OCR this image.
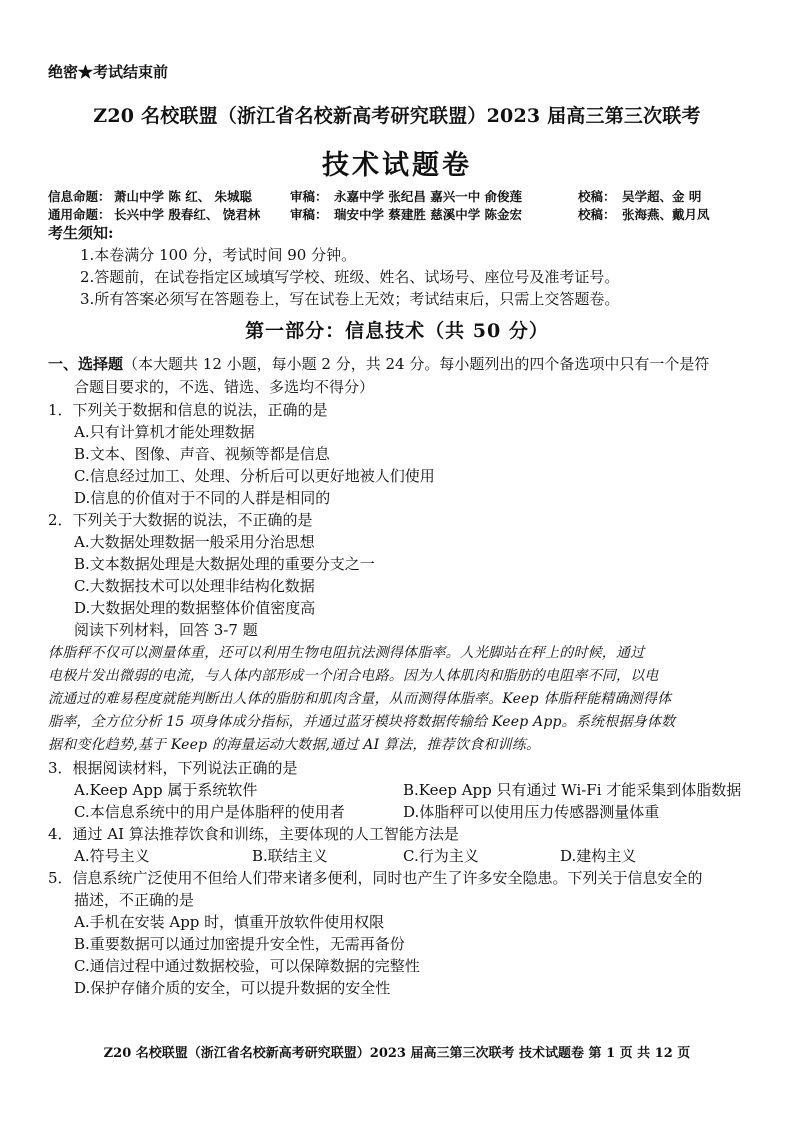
绝密★考试结束前
Z20 名校联盟（浙江省名校新高考研究联盟）2023 届高三第三次联考
技术试题卷
信息命题： 萧山中学 陈 红、 朱城聪	审稿： 永嘉中学 张纪昌 嘉兴一中 俞俊莲	校稿： 吴学超、金 明
通用命题： 长兴中学 殷春红、 饶君林 审稿： 瑞安中学 蔡建胜 慈溪中学 陈金宏	校稿： 张海燕、戴月凤
考生须知:
1.本卷满分 100 分，考试时间 90 分钟。
2.答题前，在试卷指定区域填写学校、班级、姓名、试场号、座位号及准考证号。
3.所有答案必须写在答题卷上，写在试卷上无效；考试结束后，只需上交答题卷。
第一部分：信息技术（共 50 分）
一、选择题（本大题共 12 小题，每小题 2 分，共 24 分。每小题列出的四个备选项中只有一个是符
合题目要求的，不选、错选、多选均不得分）
1．下列关于数据和信息的说法，正确的是
A.只有计算机才能处理数据
B.文本、图像、声音、视频等都是信息
C.信息经过加工、处理、分析后可以更好地被人们使用
D.信息的价值对于不同的人群是相同的
2．下列关于大数据的说法，不正确的是
A.大数据处理数据一般采用分治思想
B.文本数据处理是大数据处理的重要分支之一
C.大数据技术可以处理非结构化数据
D.大数据处理的数据整体价值密度高
阅读下列材料，回答 3-7 题
体脂秤不仅可以测量体重，还可以利用生物电阻抗法测得体脂率。人光脚站在秤上的时候，通过
电极片发出微弱的电流，与人体内部形成一个闭合电路。因为人体肌肉和脂肪的电阻率不同，以电
流通过的难易程度就能判断出人体的脂肪和肌肉含量，从而测得体脂率。Keep 体脂秤能精确测得体
脂率，全方位分析 15 项身体成分指标，并通过蓝牙模块将数据传输给 Keep App。系统根据身体数
据和变化趋势,基于 Keep 的海量运动大数据,通过 AI 算法，推荐饮食和训练。
3．根据阅读材料，下列说法正确的是
A.Keep App 属于系统软件	B.Keep App 只有通过 Wi-Fi 才能采集到体脂数据
C.本信息系统中的用户是体脂秤的使用者	D.体脂秤可以使用压力传感器测量体重
4．通过 AI 算法推荐饮食和训练，主要体现的人工智能方法是
A.符号主义	B.联结主义	C.行为主义	D.建构主义
5．信息系统广泛使用不但给人们带来诸多便利，同时也产生了许多安全隐患。下列关于信息安全的
描述，不正确的是
A.手机在安装 App 时，慎重开放软件使用权限
B.重要数据可以通过加密提升安全性，无需再备份
C.通信过程中通过数据校验，可以保障数据的完整性
D.保护存储介质的安全，可以提升数据的安全性
Z20 名校联盟（浙江省名校新高考研究联盟）2023 届高三第三次联考 技术试题卷 第 1 页 共 12 页
